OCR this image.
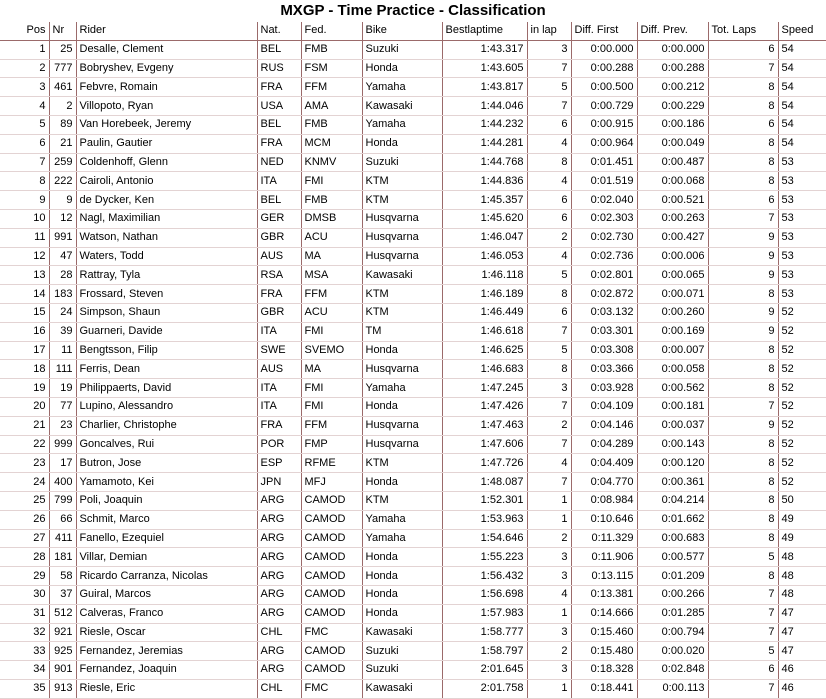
MXGP - Time Practice - Classification
Pos	Nr	Rider	Nat.	Fed.	Bike	Bestlaptime	in lap	Diff. First	Diff. Prev.	Tot. Laps	Speed
1	25	Desalle, Clement	BEL	FMB	Suzuki	1:43.317	3	0:00.000	0:00.000	6	54
2	777	Bobryshev, Evgeny	RUS	FSM	Honda	1:43.605	7	0:00.288	0:00.288	7	54
3	461	Febvre, Romain	FRA	FFM	Yamaha	1:43.817	5	0:00.500	0:00.212	8	54
4	2	Villopoto, Ryan	USA	AMA	Kawasaki	1:44.046	7	0:00.729	0:00.229	8	54
5	89	Van Horebeek, Jeremy	BEL	FMB	Yamaha	1:44.232	6	0:00.915	0:00.186	6	54
6	21	Paulin, Gautier	FRA	MCM	Honda	1:44.281	4	0:00.964	0:00.049	8	54
7	259	Coldenhoff, Glenn	NED	KNMV	Suzuki	1:44.768	8	0:01.451	0:00.487	8	53
8	222	Cairoli, Antonio	ITA	FMI	KTM	1:44.836	4	0:01.519	0:00.068	8	53
9	9	de Dycker, Ken	BEL	FMB	KTM	1:45.357	6	0:02.040	0:00.521	6	53
10	12	Nagl, Maximilian	GER	DMSB	Husqvarna	1:45.620	6	0:02.303	0:00.263	7	53
11	991	Watson, Nathan	GBR	ACU	Husqvarna	1:46.047	2	0:02.730	0:00.427	9	53
12	47	Waters, Todd	AUS	MA	Husqvarna	1:46.053	4	0:02.736	0:00.006	9	53
13	28	Rattray, Tyla	RSA	MSA	Kawasaki	1:46.118	5	0:02.801	0:00.065	9	53
14	183	Frossard, Steven	FRA	FFM	KTM	1:46.189	8	0:02.872	0:00.071	8	53
15	24	Simpson, Shaun	GBR	ACU	KTM	1:46.449	6	0:03.132	0:00.260	9	52
16	39	Guarneri, Davide	ITA	FMI	TM	1:46.618	7	0:03.301	0:00.169	9	52
17	11	Bengtsson, Filip	SWE	SVEMO	Honda	1:46.625	5	0:03.308	0:00.007	8	52
18	111	Ferris, Dean	AUS	MA	Husqvarna	1:46.683	8	0:03.366	0:00.058	8	52
19	19	Philippaerts, David	ITA	FMI	Yamaha	1:47.245	3	0:03.928	0:00.562	8	52
20	77	Lupino, Alessandro	ITA	FMI	Honda	1:47.426	7	0:04.109	0:00.181	7	52
21	23	Charlier, Christophe	FRA	FFM	Husqvarna	1:47.463	2	0:04.146	0:00.037	9	52
22	999	Goncalves, Rui	POR	FMP	Husqvarna	1:47.606	7	0:04.289	0:00.143	8	52
23	17	Butron, Jose	ESP	RFME	KTM	1:47.726	4	0:04.409	0:00.120	8	52
24	400	Yamamoto, Kei	JPN	MFJ	Honda	1:48.087	7	0:04.770	0:00.361	8	52
25	799	Poli, Joaquin	ARG	CAMOD	KTM	1:52.301	1	0:08.984	0:04.214	8	50
26	66	Schmit, Marco	ARG	CAMOD	Yamaha	1:53.963	1	0:10.646	0:01.662	8	49
27	411	Fanello, Ezequiel	ARG	CAMOD	Yamaha	1:54.646	2	0:11.329	0:00.683	8	49
28	181	Villar, Demian	ARG	CAMOD	Honda	1:55.223	3	0:11.906	0:00.577	5	48
29	58	Ricardo Carranza, Nicolas	ARG	CAMOD	Honda	1:56.432	3	0:13.115	0:01.209	8	48
30	37	Guiral, Marcos	ARG	CAMOD	Honda	1:56.698	4	0:13.381	0:00.266	7	48
31	512	Calveras, Franco	ARG	CAMOD	Honda	1:57.983	1	0:14.666	0:01.285	7	47
32	921	Riesle, Oscar	CHL	FMC	Kawasaki	1:58.777	3	0:15.460	0:00.794	7	47
33	925	Fernandez, Jeremias	ARG	CAMOD	Suzuki	1:58.797	2	0:15.480	0:00.020	5	47
34	901	Fernandez, Joaquin	ARG	CAMOD	Suzuki	2:01.645	3	0:18.328	0:02.848	6	46
35	913	Riesle, Eric	CHL	FMC	Kawasaki	2:01.758	1	0:18.441	0:00.113	7	46
